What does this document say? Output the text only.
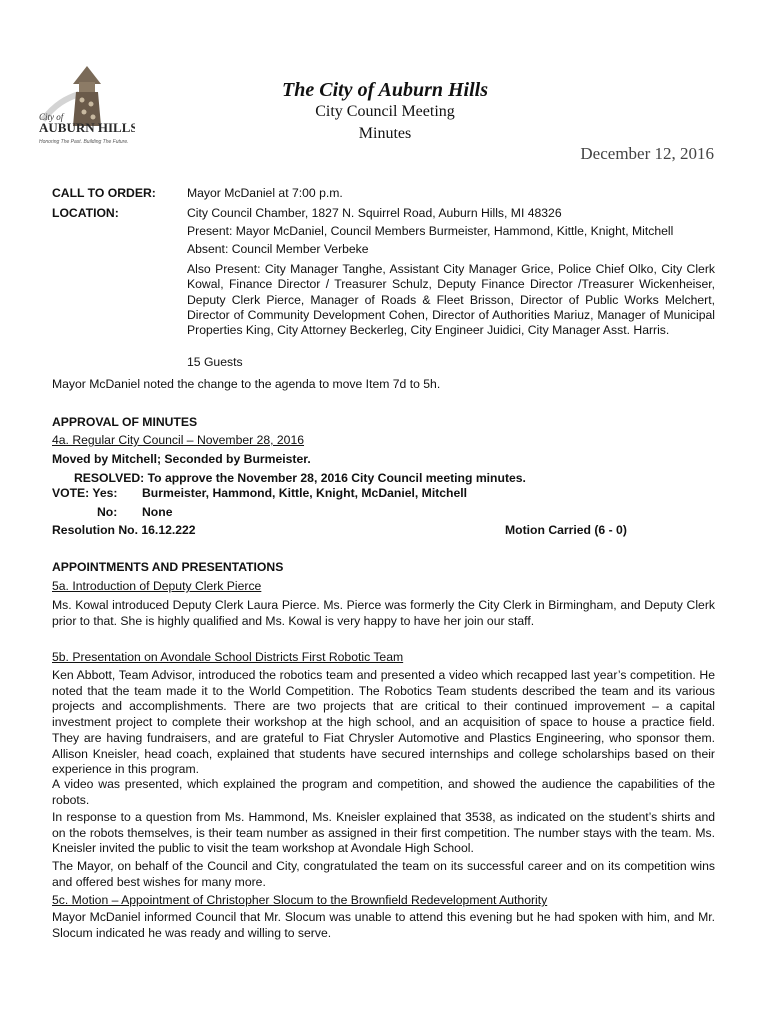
City of
AUBURN HILLS
Honoring The Past. Building The Future.
The City of Auburn Hills
City Council Meeting
Minutes
December 12, 2016
CALL TO ORDER:	Mayor McDaniel at 7:00 p.m.
LOCATION:	City Council Chamber, 1827 N. Squirrel Road, Auburn Hills, MI 48326
Present: Mayor McDaniel, Council Members Burmeister, Hammond, Kittle, Knight, Mitchell
Absent: Council Member Verbeke
Also Present: City Manager Tanghe, Assistant City Manager Grice, Police Chief Olko, City Clerk Kowal, Finance Director / Treasurer Schulz, Deputy Finance Director /Treasurer Wickenheiser, Deputy Clerk Pierce, Manager of Roads & Fleet Brisson, Director of Public Works Melchert, Director of Community Development Cohen, Director of Authorities Mariuz, Manager of Municipal Properties King, City Attorney Beckerleg, City Engineer Juidici, City Manager Asst. Harris.
15 Guests
Mayor McDaniel noted the change to the agenda to move Item 7d to 5h.
APPROVAL OF MINUTES
4a. Regular City Council – November 28, 2016
Moved by Mitchell; Seconded by Burmeister.
RESOLVED: To approve the November 28, 2016 City Council meeting minutes.
VOTE: Yes: Burmeister, Hammond, Kittle, Knight, McDaniel, Mitchell
No: None
Resolution No. 16.12.222	Motion Carried (6 - 0)
APPOINTMENTS AND PRESENTATIONS
5a. Introduction of Deputy Clerk Pierce
Ms. Kowal introduced Deputy Clerk Laura Pierce. Ms. Pierce was formerly the City Clerk in Birmingham, and Deputy Clerk prior to that. She is highly qualified and Ms. Kowal is very happy to have her join our staff.
5b. Presentation on Avondale School Districts First Robotic Team
Ken Abbott, Team Advisor, introduced the robotics team and presented a video which recapped last year’s competition. He noted that the team made it to the World Competition. The Robotics Team students described the team and its various projects and accomplishments. There are two projects that are critical to their continued improvement – a capital investment project to complete their workshop at the high school, and an acquisition of space to house a practice field. They are having fundraisers, and are grateful to Fiat Chrysler Automotive and Plastics Engineering, who sponsor them. Allison Kneisler, head coach, explained that students have secured internships and college scholarships based on their experience in this program.
A video was presented, which explained the program and competition, and showed the audience the capabilities of the robots.
In response to a question from Ms. Hammond, Ms. Kneisler explained that 3538, as indicated on the student’s shirts and on the robots themselves, is their team number as assigned in their first competition. The number stays with the team. Ms. Kneisler invited the public to visit the team workshop at Avondale High School.
The Mayor, on behalf of the Council and City, congratulated the team on its successful career and on its competition wins and offered best wishes for many more.
5c. Motion – Appointment of Christopher Slocum to the Brownfield Redevelopment Authority
Mayor McDaniel informed Council that Mr. Slocum was unable to attend this evening but he had spoken with him, and Mr. Slocum indicated he was ready and willing to serve.
